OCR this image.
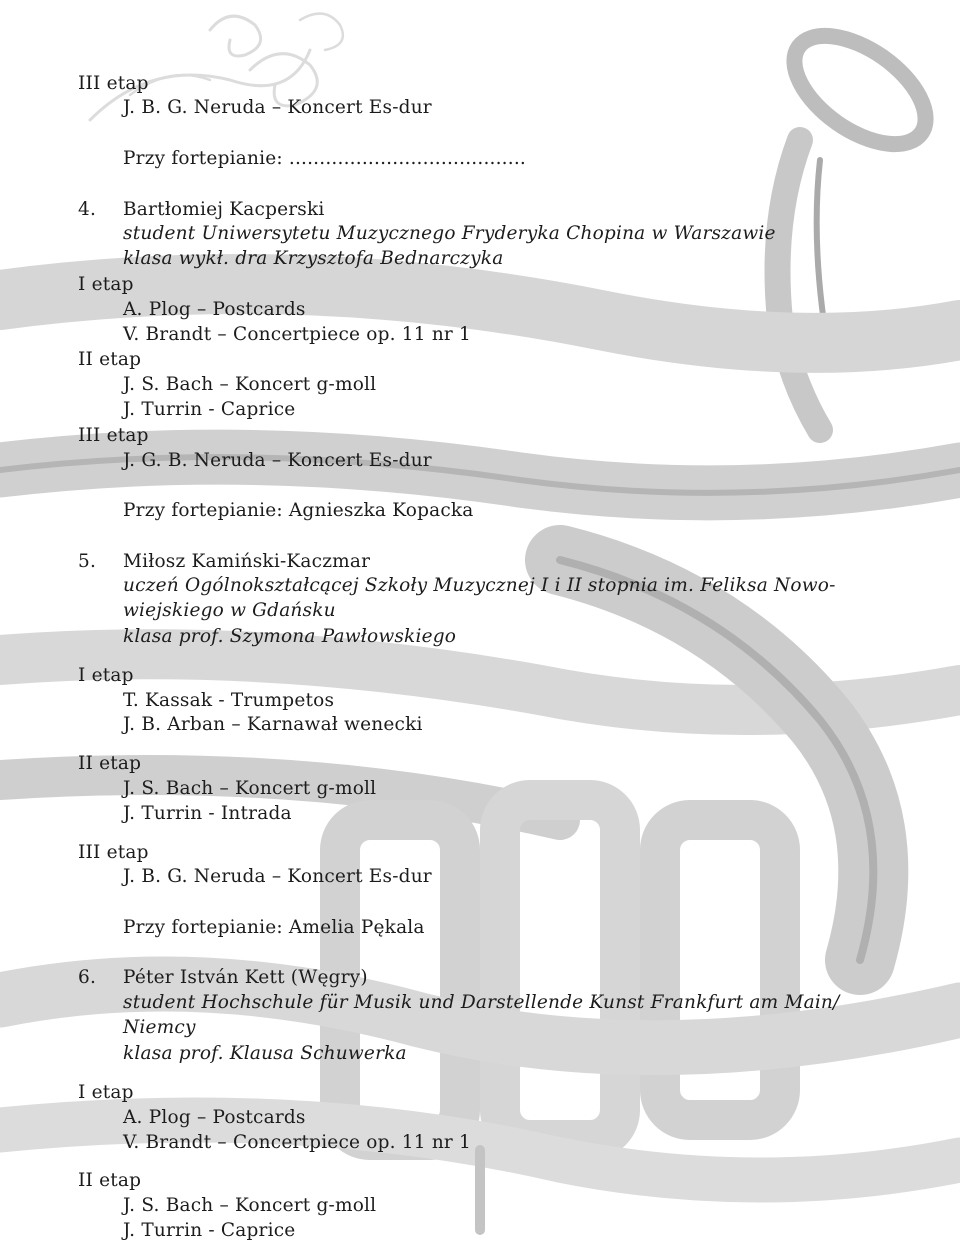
III etap
J. B. G. Neruda – Koncert Es-dur
Przy fortepianie: .......................................
4. Bartłomiej Kacperski
student Uniwersytetu Muzycznego Fryderyka Chopina w Warszawie
klasa wykł. dra Krzysztofa Bednarczyka
I etap
A. Plog – Postcards
V. Brandt – Concertpiece op. 11 nr 1
II etap
J. S. Bach – Koncert g-moll
J. Turrin - Caprice
III etap
J. G. B. Neruda – Koncert Es-dur
Przy fortepianie: Agnieszka Kopacka
5. Miłosz Kamiński-Kaczmar
uczeń Ogólnokształcącej Szkoły Muzycznej I i II stopnia im. Feliksa Nowo-
wiejskiego w Gdańsku
klasa prof. Szymona Pawłowskiego
I etap
T. Kassak - Trumpetos
J. B. Arban – Karnawał wenecki
II etap
J. S. Bach – Koncert g-moll
J. Turrin - Intrada
III etap
J. B. G. Neruda – Koncert Es-dur
Przy fortepianie: Amelia Pękala
6. Péter István Kett (Węgry)
student Hochschule für Musik und Darstellende Kunst Frankfurt am Main/
Niemcy
klasa prof. Klausa Schuwerka
I etap
A. Plog – Postcards
V. Brandt – Concertpiece op. 11 nr 1
II etap
J. S. Bach – Koncert g-moll
J. Turrin - Caprice
